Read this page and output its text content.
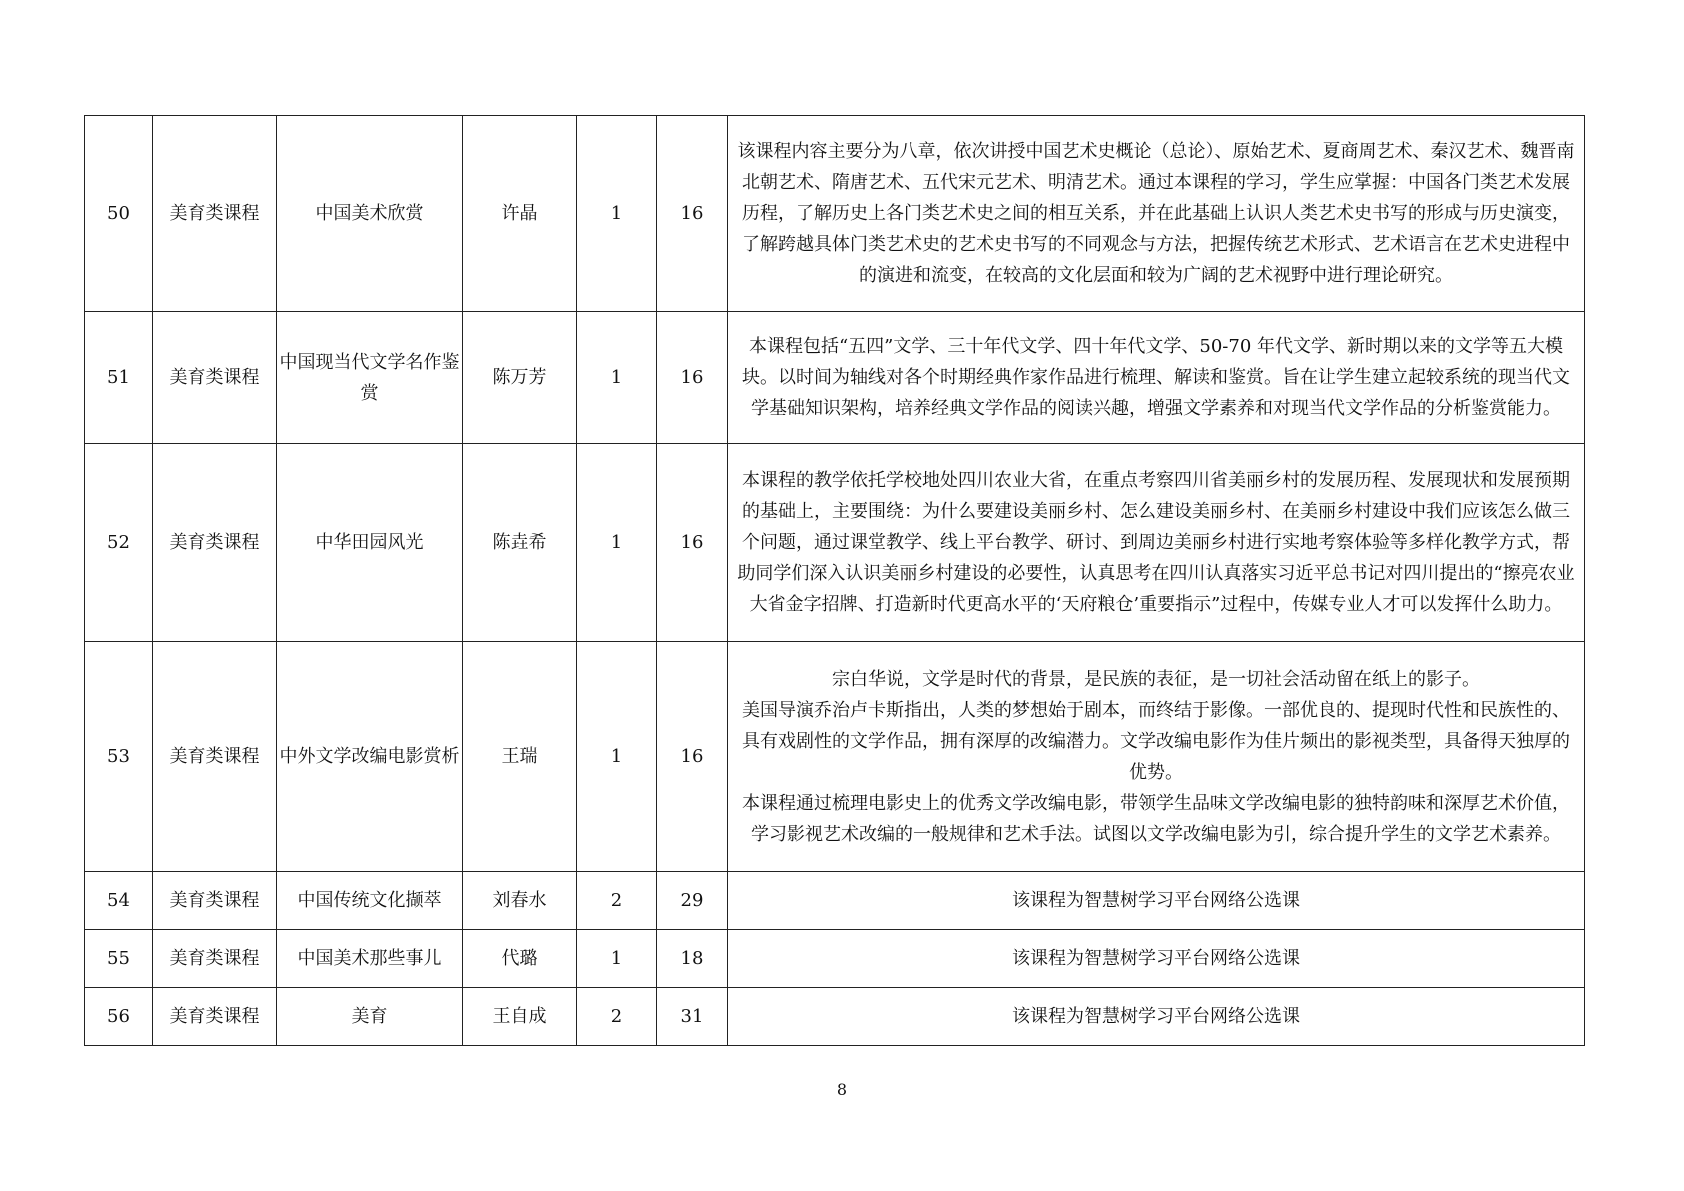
50	美育类课程	中国美术欣赏	许晶	1	16	该课程内容主要分为八章，依次讲授中国艺术史概论（总论）、原始艺术、夏商周艺术、秦汉艺术、魏晋南北朝艺术、隋唐艺术、五代宋元艺术、明清艺术。通过本课程的学习，学生应掌握：中国各门类艺术发展历程，了解历史上各门类艺术史之间的相互关系，并在此基础上认识人类艺术史书写的形成与历史演变，了解跨越具体门类艺术史的艺术史书写的不同观念与方法，把握传统艺术形式、艺术语言在艺术史进程中的演进和流变，在较高的文化层面和较为广阔的艺术视野中进行理论研究。

51	美育类课程	中国现当代文学名作鉴赏	陈万芳	1	16	本课程包括“五四”文学、三十年代文学、四十年代文学、50-70 年代文学、新时期以来的文学等五大模块。以时间为轴线对各个时期经典作家作品进行梳理、解读和鉴赏。旨在让学生建立起较系统的现当代文学基础知识架构，培养经典文学作品的阅读兴趣，增强文学素养和对现当代文学作品的分析鉴赏能力。

52	美育类课程	中华田园风光	陈垚希	1	16	本课程的教学依托学校地处四川农业大省，在重点考察四川省美丽乡村的发展历程、发展现状和发展预期的基础上，主要围绕：为什么要建设美丽乡村、怎么建设美丽乡村、在美丽乡村建设中我们应该怎么做三个问题，通过课堂教学、线上平台教学、研讨、到周边美丽乡村进行实地考察体验等多样化教学方式，帮助同学们深入认识美丽乡村建设的必要性，认真思考在四川认真落实习近平总书记对四川提出的“擦亮农业大省金字招牌、打造新时代更高水平的‘天府粮仓’重要指示”过程中，传媒专业人才可以发挥什么助力。

53	美育类课程	中外文学改编电影赏析	王瑞	1	16	宗白华说，文学是时代的背景，是民族的表征，是一切社会活动留在纸上的影子。
美国导演乔治卢卡斯指出，人类的梦想始于剧本，而终结于影像。一部优良的、提现时代性和民族性的、具有戏剧性的文学作品，拥有深厚的改编潜力。文学改编电影作为佳片频出的影视类型，具备得天独厚的优势。
本课程通过梳理电影史上的优秀文学改编电影，带领学生品味文学改编电影的独特韵味和深厚艺术价值，学习影视艺术改编的一般规律和艺术手法。试图以文学改编电影为引，综合提升学生的文学艺术素养。

54	美育类课程	中国传统文化撷萃	刘春水	2	29	该课程为智慧树学习平台网络公选课

55	美育类课程	中国美术那些事儿	代璐	1	18	该课程为智慧树学习平台网络公选课

56	美育类课程	美育	王自成	2	31	该课程为智慧树学习平台网络公选课
8
